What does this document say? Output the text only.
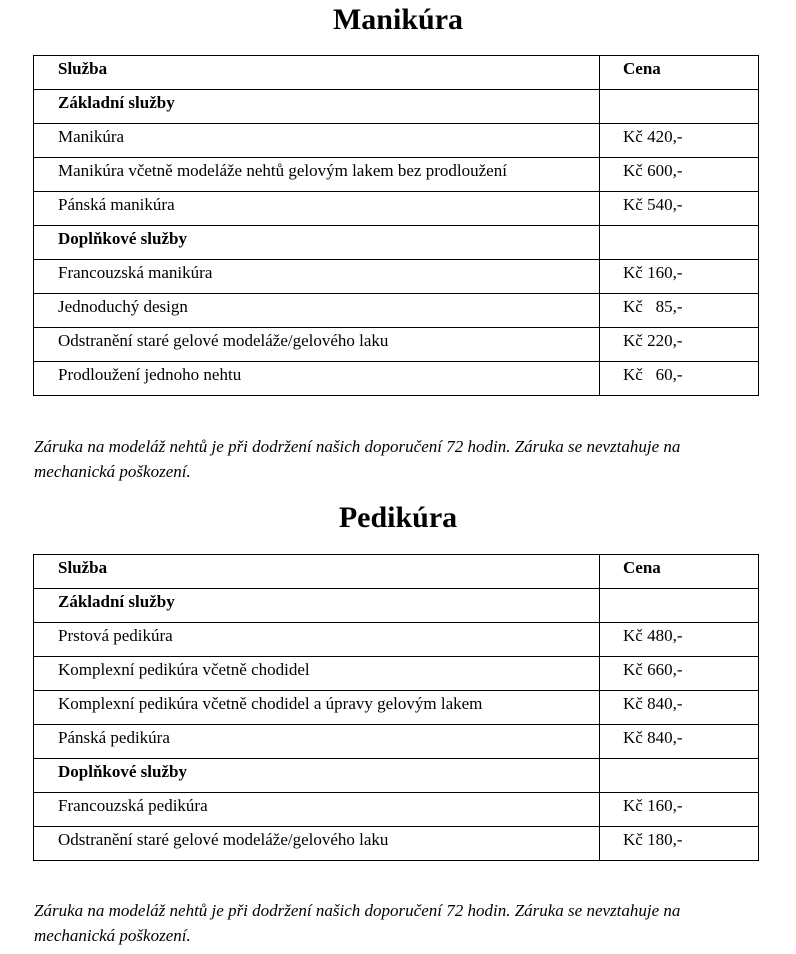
Manikúra
Služba	Cena
Základní služby	
Manikúra	Kč 420,-
Manikúra včetně modeláže nehtů gelovým lakem bez prodloužení	Kč 600,-
Pánská manikúra	Kč 540,-
Doplňkové služby	
Francouzská manikúra	Kč 160,-
Jednoduchý design	Kč   85,-
Odstranění staré gelové modeláže/gelového laku	Kč 220,-
Prodloužení jednoho nehtu	Kč   60,-

Záruka na modeláž nehtů je při dodržení našich doporučení 72 hodin. Záruka se nevztahuje na mechanická poškození.

Pedikúra
Služba	Cena
Základní služby	
Prstová pedikúra	Kč 480,-
Komplexní pedikúra včetně chodidel	Kč 660,-
Komplexní pedikúra včetně chodidel a úpravy gelovým lakem	Kč 840,-
Pánská pedikúra	Kč 840,-
Doplňkové služby	
Francouzská pedikúra	Kč 160,-
Odstranění staré gelové modeláže/gelového laku	Kč 180,-

Záruka na modeláž nehtů je při dodržení našich doporučení 72 hodin. Záruka se nevztahuje na mechanická poškození.
